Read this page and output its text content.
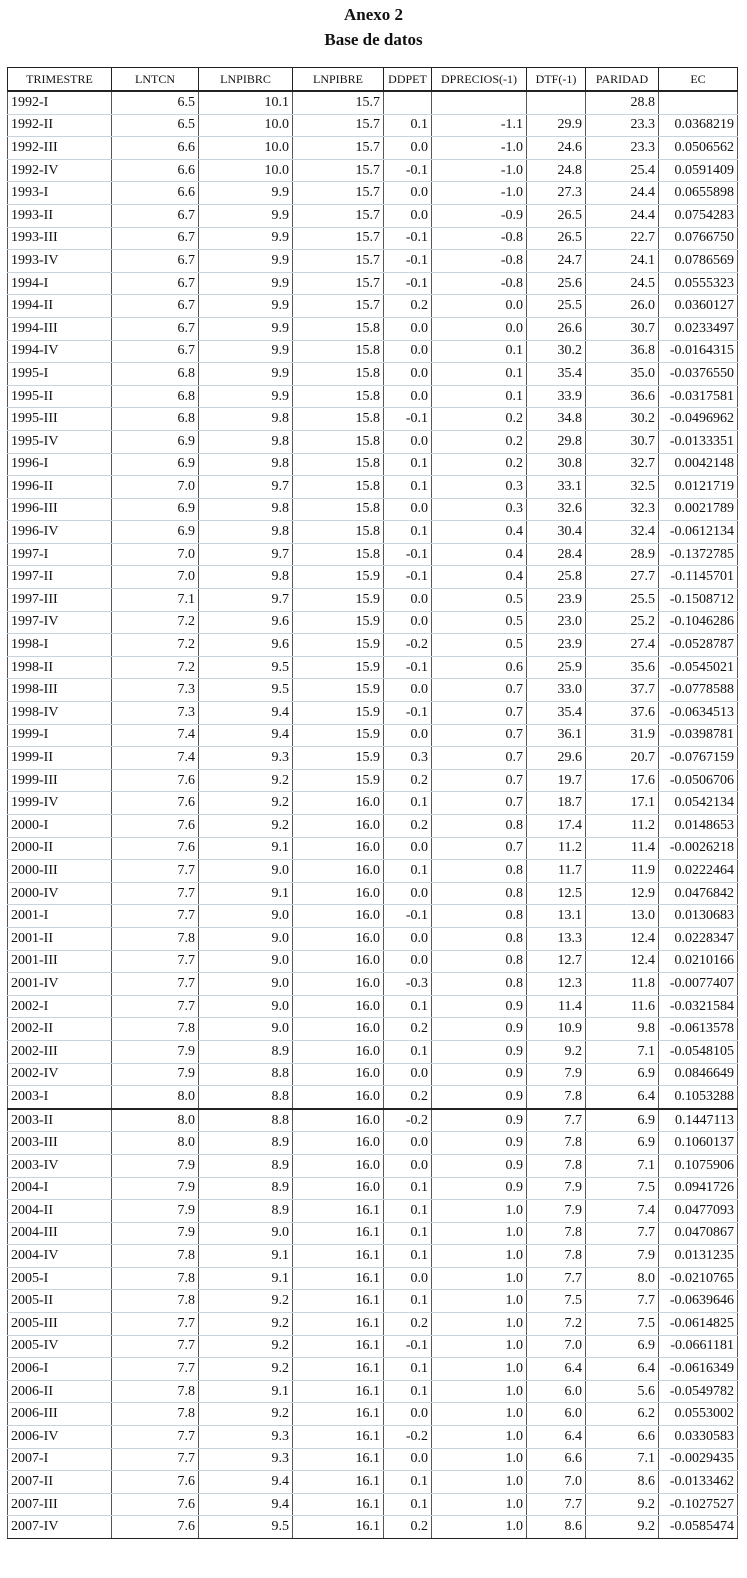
Anexo 2
Base de datos
TRIMESTRE	LNTCN	LNPIBRC	LNPIBRE	DDPET	DPRECIOS(-1)	DTF(-1)	PARIDAD	EC
1992-I	6.5	10.1	15.7				28.8	
1992-II	6.5	10.0	15.7	0.1	-1.1	29.9	23.3	0.0368219
1992-III	6.6	10.0	15.7	0.0	-1.0	24.6	23.3	0.0506562
1992-IV	6.6	10.0	15.7	-0.1	-1.0	24.8	25.4	0.0591409
1993-I	6.6	9.9	15.7	0.0	-1.0	27.3	24.4	0.0655898
1993-II	6.7	9.9	15.7	0.0	-0.9	26.5	24.4	0.0754283
1993-III	6.7	9.9	15.7	-0.1	-0.8	26.5	22.7	0.0766750
1993-IV	6.7	9.9	15.7	-0.1	-0.8	24.7	24.1	0.0786569
1994-I	6.7	9.9	15.7	-0.1	-0.8	25.6	24.5	0.0555323
1994-II	6.7	9.9	15.7	0.2	0.0	25.5	26.0	0.0360127
1994-III	6.7	9.9	15.8	0.0	0.0	26.6	30.7	0.0233497
1994-IV	6.7	9.9	15.8	0.0	0.1	30.2	36.8	-0.0164315
1995-I	6.8	9.9	15.8	0.0	0.1	35.4	35.0	-0.0376550
1995-II	6.8	9.9	15.8	0.0	0.1	33.9	36.6	-0.0317581
1995-III	6.8	9.8	15.8	-0.1	0.2	34.8	30.2	-0.0496962
1995-IV	6.9	9.8	15.8	0.0	0.2	29.8	30.7	-0.0133351
1996-I	6.9	9.8	15.8	0.1	0.2	30.8	32.7	0.0042148
1996-II	7.0	9.7	15.8	0.1	0.3	33.1	32.5	0.0121719
1996-III	6.9	9.8	15.8	0.0	0.3	32.6	32.3	0.0021789
1996-IV	6.9	9.8	15.8	0.1	0.4	30.4	32.4	-0.0612134
1997-I	7.0	9.7	15.8	-0.1	0.4	28.4	28.9	-0.1372785
1997-II	7.0	9.8	15.9	-0.1	0.4	25.8	27.7	-0.1145701
1997-III	7.1	9.7	15.9	0.0	0.5	23.9	25.5	-0.1508712
1997-IV	7.2	9.6	15.9	0.0	0.5	23.0	25.2	-0.1046286
1998-I	7.2	9.6	15.9	-0.2	0.5	23.9	27.4	-0.0528787
1998-II	7.2	9.5	15.9	-0.1	0.6	25.9	35.6	-0.0545021
1998-III	7.3	9.5	15.9	0.0	0.7	33.0	37.7	-0.0778588
1998-IV	7.3	9.4	15.9	-0.1	0.7	35.4	37.6	-0.0634513
1999-I	7.4	9.4	15.9	0.0	0.7	36.1	31.9	-0.0398781
1999-II	7.4	9.3	15.9	0.3	0.7	29.6	20.7	-0.0767159
1999-III	7.6	9.2	15.9	0.2	0.7	19.7	17.6	-0.0506706
1999-IV	7.6	9.2	16.0	0.1	0.7	18.7	17.1	0.0542134
2000-I	7.6	9.2	16.0	0.2	0.8	17.4	11.2	0.0148653
2000-II	7.6	9.1	16.0	0.0	0.7	11.2	11.4	-0.0026218
2000-III	7.7	9.0	16.0	0.1	0.8	11.7	11.9	0.0222464
2000-IV	7.7	9.1	16.0	0.0	0.8	12.5	12.9	0.0476842
2001-I	7.7	9.0	16.0	-0.1	0.8	13.1	13.0	0.0130683
2001-II	7.8	9.0	16.0	0.0	0.8	13.3	12.4	0.0228347
2001-III	7.7	9.0	16.0	0.0	0.8	12.7	12.4	0.0210166
2001-IV	7.7	9.0	16.0	-0.3	0.8	12.3	11.8	-0.0077407
2002-I	7.7	9.0	16.0	0.1	0.9	11.4	11.6	-0.0321584
2002-II	7.8	9.0	16.0	0.2	0.9	10.9	9.8	-0.0613578
2002-III	7.9	8.9	16.0	0.1	0.9	9.2	7.1	-0.0548105
2002-IV	7.9	8.8	16.0	0.0	0.9	7.9	6.9	0.0846649
2003-I	8.0	8.8	16.0	0.2	0.9	7.8	6.4	0.1053288
2003-II	8.0	8.8	16.0	-0.2	0.9	7.7	6.9	0.1447113
2003-III	8.0	8.9	16.0	0.0	0.9	7.8	6.9	0.1060137
2003-IV	7.9	8.9	16.0	0.0	0.9	7.8	7.1	0.1075906
2004-I	7.9	8.9	16.0	0.1	0.9	7.9	7.5	0.0941726
2004-II	7.9	8.9	16.1	0.1	1.0	7.9	7.4	0.0477093
2004-III	7.9	9.0	16.1	0.1	1.0	7.8	7.7	0.0470867
2004-IV	7.8	9.1	16.1	0.1	1.0	7.8	7.9	0.0131235
2005-I	7.8	9.1	16.1	0.0	1.0	7.7	8.0	-0.0210765
2005-II	7.8	9.2	16.1	0.1	1.0	7.5	7.7	-0.0639646
2005-III	7.7	9.2	16.1	0.2	1.0	7.2	7.5	-0.0614825
2005-IV	7.7	9.2	16.1	-0.1	1.0	7.0	6.9	-0.0661181
2006-I	7.7	9.2	16.1	0.1	1.0	6.4	6.4	-0.0616349
2006-II	7.8	9.1	16.1	0.1	1.0	6.0	5.6	-0.0549782
2006-III	7.8	9.2	16.1	0.0	1.0	6.0	6.2	0.0553002
2006-IV	7.7	9.3	16.1	-0.2	1.0	6.4	6.6	0.0330583
2007-I	7.7	9.3	16.1	0.0	1.0	6.6	7.1	-0.0029435
2007-II	7.6	9.4	16.1	0.1	1.0	7.0	8.6	-0.0133462
2007-III	7.6	9.4	16.1	0.1	1.0	7.7	9.2	-0.1027527
2007-IV	7.6	9.5	16.1	0.2	1.0	8.6	9.2	-0.0585474
